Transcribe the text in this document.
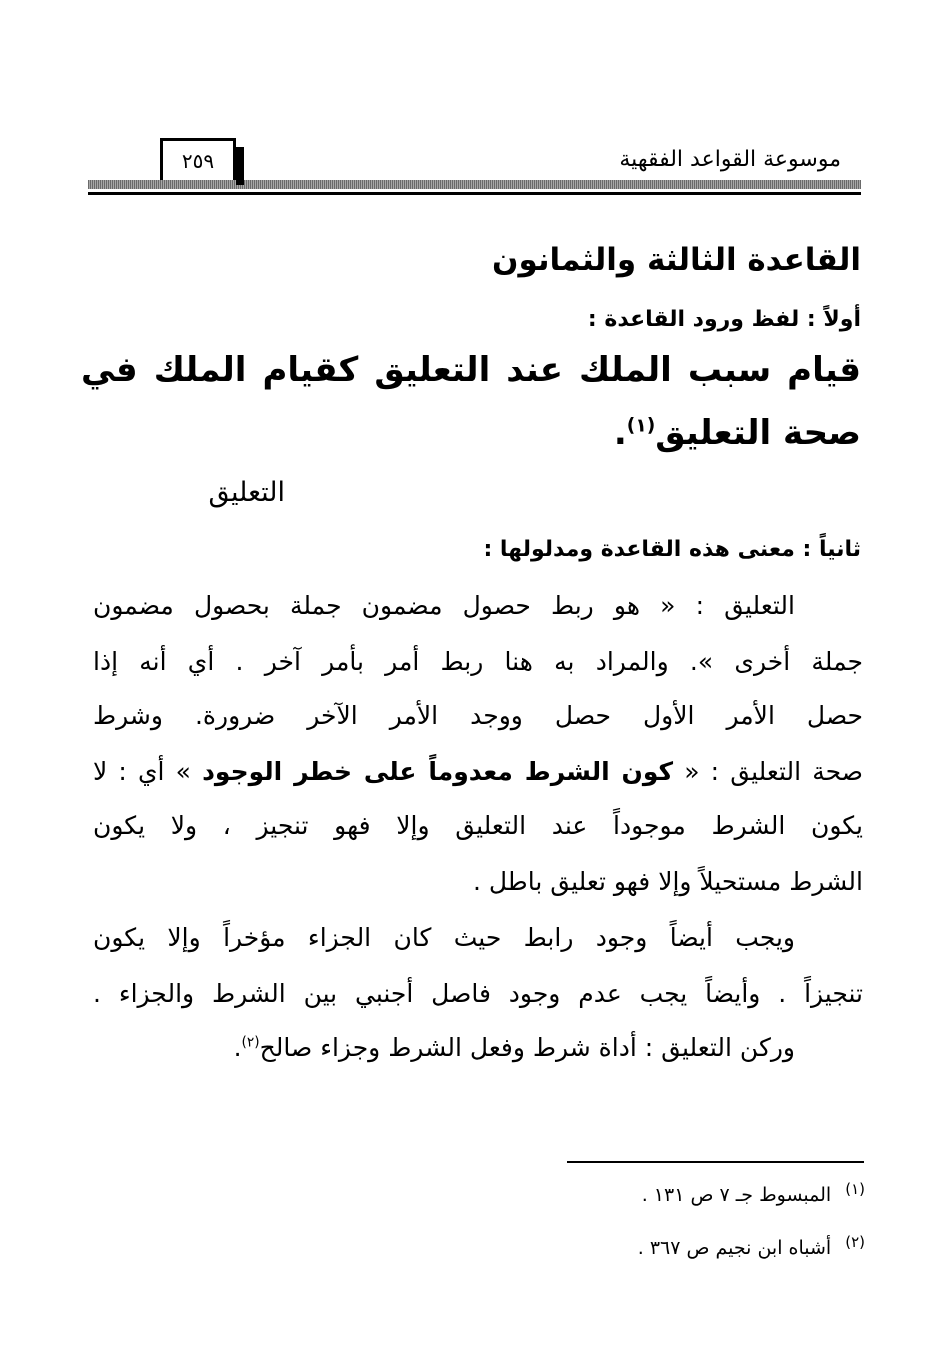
موسوعة القواعد الفقهية
٢٥٩
القاعدة الثالثة والثمانون
أولاً : لفظ ورود القاعدة :
قيام سبب الملك عند التعليق كقيام الملك في
صحة التعليق$^{(١)}$.
التعليق
ثانياً : معنى هذه القاعدة ومدلولها :
التعليق : « هو ربط حصول مضمون جملة بحصول مضمون
جملة أخرى ». والمراد به هنا ربط أمر بأمر آخر . أي أنه إذا
حصل الأمر الأول حصل ووجد الأمر الآخر ضرورة. وشرط
صحة التعليق : « كون الشرط معدوماً على خطر الوجود » أي : لا
يكون الشرط موجوداً عند التعليق وإلا فهو تنجيز ، ولا يكون
الشرط مستحيلاً وإلا فهو تعليق باطل .
ويجب أيضاً وجود رابط حيث كان الجزاء مؤخراً وإلا يكون
تنجيزاً . وأيضاً يجب عدم وجود فاصل أجنبي بين الشرط والجزاء .
وركن التعليق : أداة شرط وفعل الشرط وجزاء صالح$^{(٢)}$.
(١)المبسوط جـ ٧ ص ١٣١ .
(٢)أشباه ابن نجيم ص ٣٦٧ .
